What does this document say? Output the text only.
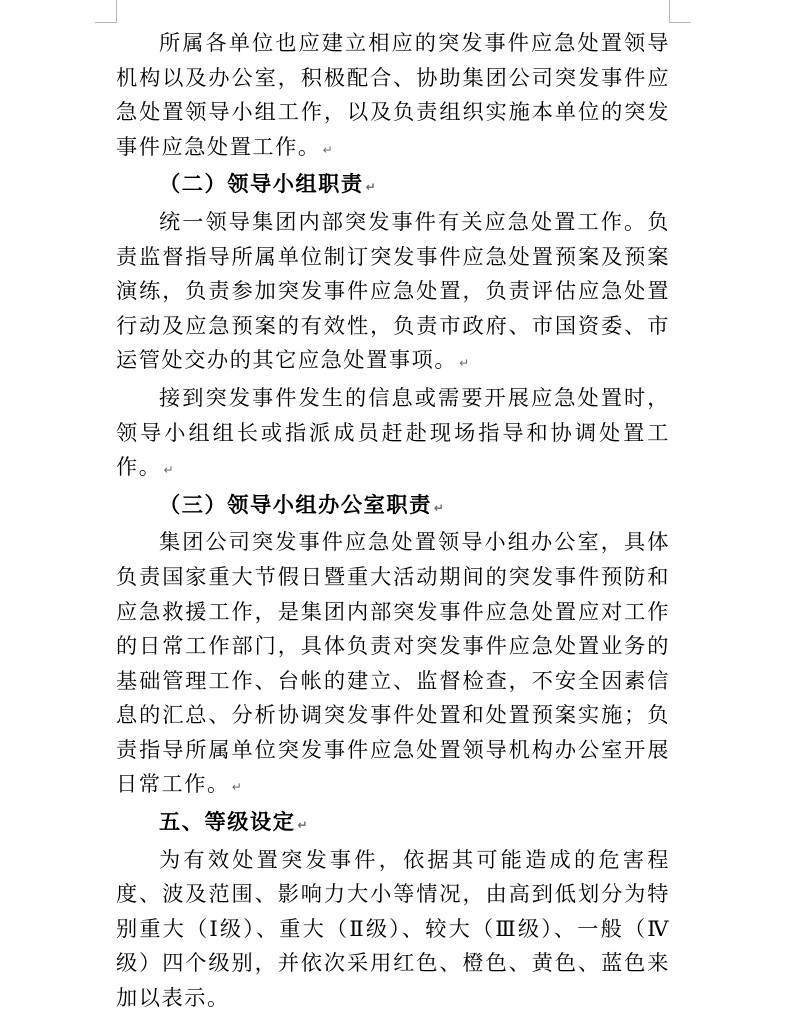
所属各单位也应建立相应的突发事件应急处置领导机构以及办公室，积极配合、协助集团公司突发事件应急处置领导小组工作，以及负责组织实施本单位的突发事件应急处置工作。 ↵

（二）领导小组职责 ↵

统一领导集团内部突发事件有关应急处置工作。负责监督指导所属单位制订突发事件应急处置预案及预案演练，负责参加突发事件应急处置，负责评估应急处置行动及应急预案的有效性，负责市政府、市国资委、市运管处交办的其它应急处置事项。 ↵

接到突发事件发生的信息或需要开展应急处置时，领导小组组长或指派成员赶赴现场指导和协调处置工作。 ↵

（三）领导小组办公室职责 ↵

集团公司突发事件应急处置领导小组办公室，具体负责国家重大节假日暨重大活动期间的突发事件预防和应急救援工作，是集团内部突发事件应急处置应对工作的日常工作部门，具体负责对突发事件应急处置业务的基础管理工作、台帐的建立、监督检查，不安全因素信息的汇总、分析协调突发事件处置和处置预案实施；负责指导所属单位突发事件应急处置领导机构办公室开展日常工作。 ↵

五、等级设定 ↵

为有效处置突发事件，依据其可能造成的危害程度、波及范围、影响力大小等情况，由高到低划分为特别重大（Ⅰ级）、重大（Ⅱ级）、较大（Ⅲ级）、一般（Ⅳ级）四个级别，并依次采用红色、橙色、黄色、蓝色来加以表示。
